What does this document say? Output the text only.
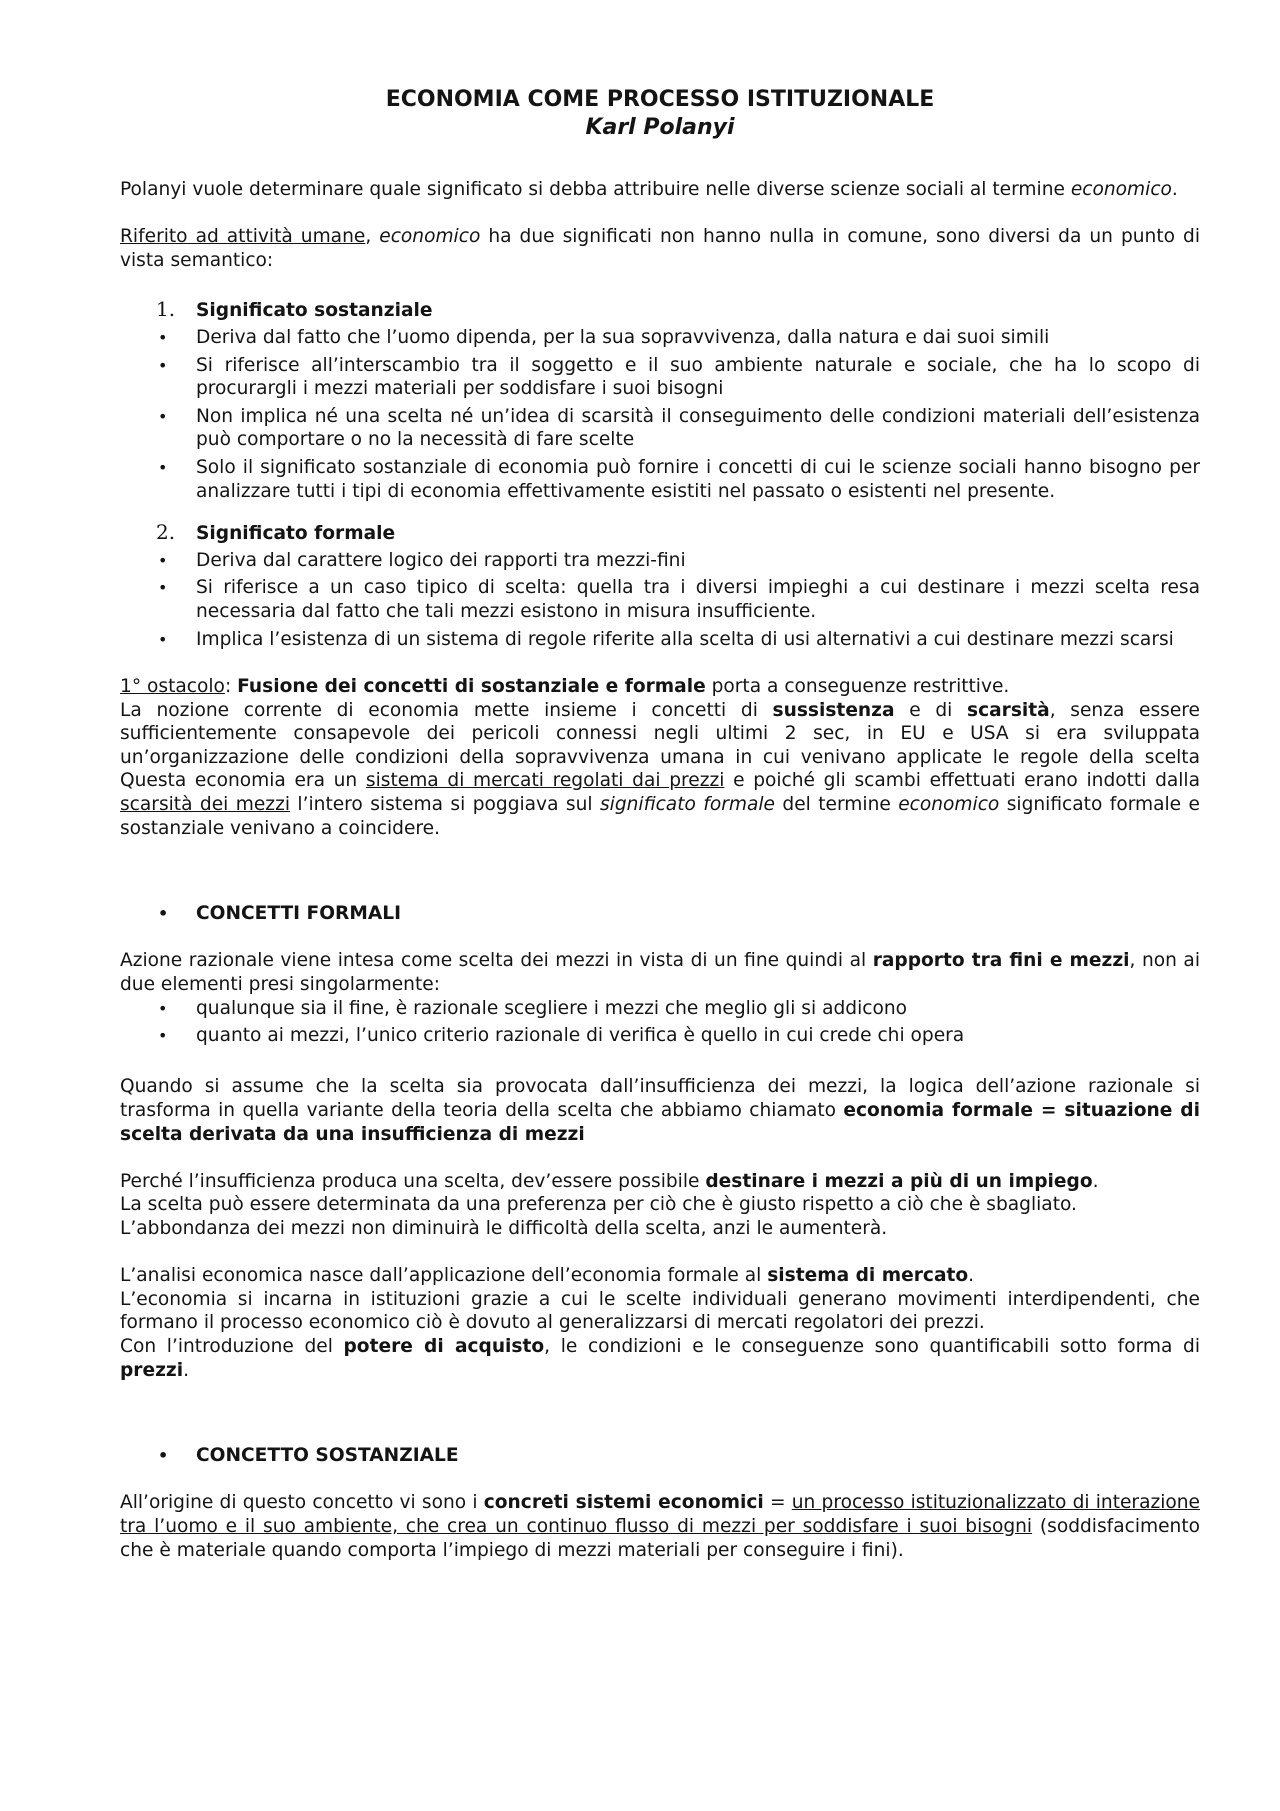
ECONOMIA COME PROCESSO ISTITUZIONALE
Karl Polanyi

Polanyi vuole determinare quale significato si debba attribuire nelle diverse scienze sociali al termine economico.

Riferito ad attività umane, economico ha due significati non hanno nulla in comune, sono diversi da un punto di vista semantico:

1.	Significato sostanziale
• Deriva dal fatto che l’uomo dipenda, per la sua sopravvivenza, dalla natura e dai suoi simili
• Si riferisce all’interscambio tra il soggetto e il suo ambiente naturale e sociale, che ha lo scopo di procurargli i mezzi materiali per soddisfare i suoi bisogni
• Non implica né una scelta né un’idea di scarsità il conseguimento delle condizioni materiali dell’esistenza può comportare o no la necessità di fare scelte
• Solo il significato sostanziale di economia può fornire i concetti di cui le scienze sociali hanno bisogno per analizzare tutti i tipi di economia effettivamente esistiti nel passato o esistenti nel presente.
2.	Significato formale
• Deriva dal carattere logico dei rapporti tra mezzi-fini
• Si riferisce a un caso tipico di scelta: quella tra i diversi impieghi a cui destinare i mezzi scelta resa necessaria dal fatto che tali mezzi esistono in misura insufficiente.
• Implica l’esistenza di un sistema di regole riferite alla scelta di usi alternativi a cui destinare mezzi scarsi

1° ostacolo: Fusione dei concetti di sostanziale e formale porta a conseguenze restrittive.

La nozione corrente di economia mette insieme i concetti di sussistenza e di scarsità, senza essere sufficientemente consapevole dei pericoli connessi negli ultimi 2 sec, in EU e USA si era sviluppata un’organizzazione delle condizioni della sopravvivenza umana in cui venivano applicate le regole della scelta Questa economia era un sistema di mercati regolati dai prezzi e poiché gli scambi effettuati erano indotti dalla scarsità dei mezzi l’intero sistema si poggiava sul significato formale del termine economico significato formale e sostanziale venivano a coincidere.

• CONCETTI FORMALI

Azione razionale viene intesa come scelta dei mezzi in vista di un fine quindi al rapporto tra fini e mezzi, non ai due elementi presi singolarmente:

• qualunque sia il fine, è razionale scegliere i mezzi che meglio gli si addicono
• quanto ai mezzi, l’unico criterio razionale di verifica è quello in cui crede chi opera

Quando si assume che la scelta sia provocata dall’insufficienza dei mezzi, la logica dell’azione razionale si trasforma in quella variante della teoria della scelta che abbiamo chiamato economia formale = situazione di scelta derivata da una insufficienza di mezzi

Perché l’insufficienza produca una scelta, dev’essere possibile destinare i mezzi a più di un impiego.

La scelta può essere determinata da una preferenza per ciò che è giusto rispetto a ciò che è sbagliato.

L’abbondanza dei mezzi non diminuirà le difficoltà della scelta, anzi le aumenterà.

L’analisi economica nasce dall’applicazione dell’economia formale al sistema di mercato.

L’economia si incarna in istituzioni grazie a cui le scelte individuali generano movimenti interdipendenti, che formano il processo economico ciò è dovuto al generalizzarsi di mercati regolatori dei prezzi.

Con l’introduzione del potere di acquisto, le condizioni e le conseguenze sono quantificabili sotto forma di prezzi.

• CONCETTO SOSTANZIALE

All’origine di questo concetto vi sono i concreti sistemi economici = un processo istituzionalizzato di interazione tra l’uomo e il suo ambiente, che crea un continuo flusso di mezzi per soddisfare i suoi bisogni (soddisfacimento che è materiale quando comporta l’impiego di mezzi materiali per conseguire i fini).
